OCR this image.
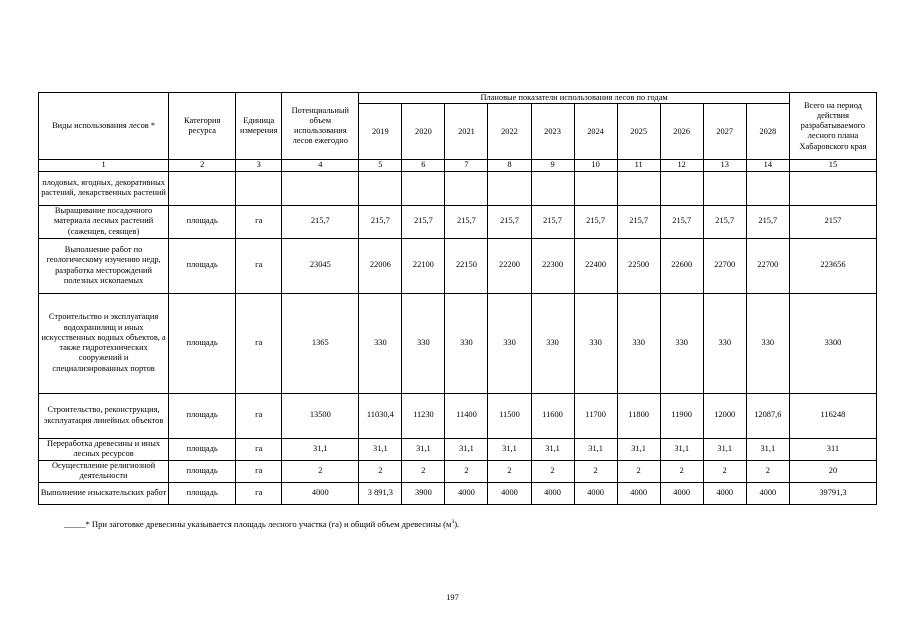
Виды использования лесов *	Категория ресурса	Единица измерения	Потенциальный объем использования лесов ежегодно	Плановые показатели использования лесов по годам										Всего на период действия разрабатываемого лесного плана Хабаровского края
				2019	2020	2021	2022	2023	2024	2025	2026	2027	2028	
1	2	3	4	5	6	7	8	9	10	11	12	13	14	15
плодовых, ягодных, декоративных растений, лекарственных растений														
Выращивание посадочного материала лесных растений (саженцев, сеянцев)	площадь	га	215,7	215,7	215,7	215,7	215,7	215,7	215,7	215,7	215,7	215,7	215,7	2157
Выполнение работ по геологическому изучению недр, разработка месторождений полезных ископаемых	площадь	га	23045	22006	22100	22150	22200	22300	22400	22500	22600	22700	22700	223656
Строительство и эксплуатация водохранилищ и иных искусственных водных объектов, а также гидротехнических сооружений и специализированных портов	площадь	га	1365	330	330	330	330	330	330	330	330	330	330	3300
Строительство, реконструкция, эксплуатация линейных объектов	площадь	га	13500	11030,4	11230	11400	11500	11600	11700	11800	11900	12000	12087,6	116248
Переработка древесины и иных лесных ресурсов	площадь	га	31,1	31,1	31,1	31,1	31,1	31,1	31,1	31,1	31,1	31,1	31,1	311
Осуществление религиозной деятельности	площадь	га	2	2	2	2	2	2	2	2	2	2	2	20
Выполнение изыскательских работ	площадь	га	4000	3 891,3	3900	4000	4000	4000	4000	4000	4000	4000	4000	39791,3
_____* При заготовке древесины указывается площадь лесного участка (га) и общий объем древесины $(м^3)$.
197
